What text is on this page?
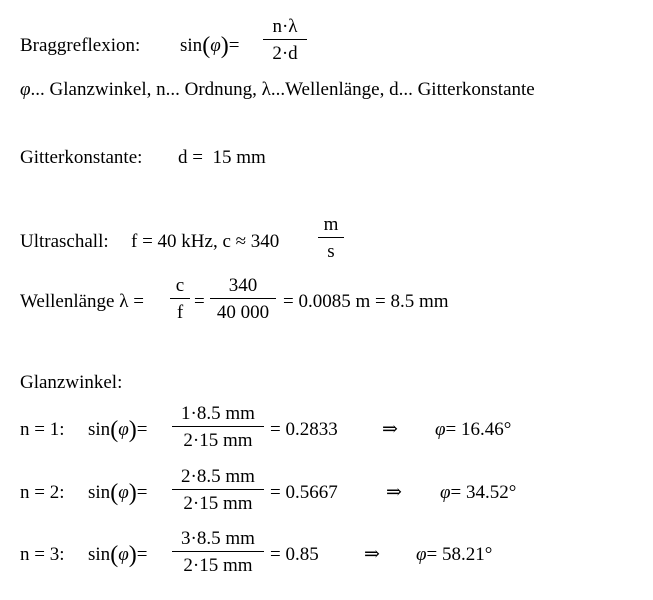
Braggreflexion: sin(φ)=
n·λ
2·d
φ... Glanzwinkel, n... Ordnung, λ...Wellenlänge, d... Gitterkonstante
Gitterkonstante: d =  15 mm
Ultraschall: f = 40 kHz, c ≈ 340
m
s
Wellenlänge λ =
c
f
=
340
40 000
= 0.0085 m = 8.5 mm
Glanzwinkel:
n = 1: sin(φ)=
1·8.5 mm
2·15 mm
= 0.2833 ⇒ φ= 16.46°
n = 2: sin(φ)=
2·8.5 mm
2·15 mm
= 0.5667	⇒ φ= 34.52°
n = 3: sin(φ)=
3·8.5 mm
2·15 mm
= 0.85 ⇒ φ= 58.21°
